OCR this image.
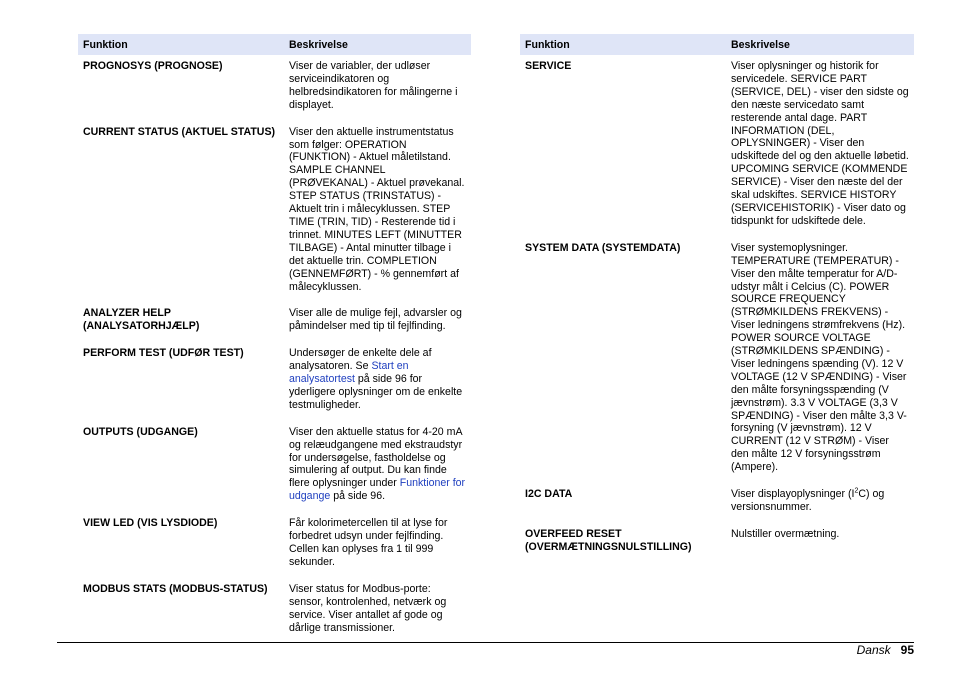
Funktion	Beskrivelse
PROGNOSYS (PROGNOSE)	Viser de variabler, der udløser serviceindikatoren og helbredsindikatoren for målingerne i displayet.
CURRENT STATUS (AKTUEL STATUS)	Viser den aktuelle instrumentstatus som følger: OPERATION (FUNKTION) - Aktuel måletilstand. SAMPLE CHANNEL (PRØVEKANAL) - Aktuel prøvekanal. STEP STATUS (TRINSTATUS) - Aktuelt trin i målecyklussen. STEP TIME (TRIN, TID) - Resterende tid i trinnet. MINUTES LEFT (MINUTTER TILBAGE) - Antal minutter tilbage i det aktuelle trin. COMPLETION (GENNEMFØRT) - % gennemført af målecyklussen.
ANALYZER HELP (ANALYSATORHJÆLP)	Viser alle de mulige fejl, advarsler og påmindelser med tip til fejlfinding.
PERFORM TEST (UDFØR TEST)	Undersøger de enkelte dele af analysatoren. Se Start en analysatortest på side 96 for yderligere oplysninger om de enkelte testmuligheder.
OUTPUTS (UDGANGE)	Viser den aktuelle status for 4-20 mA og relæudgangene med ekstraudstyr for undersøgelse, fastholdelse og simulering af output. Du kan finde flere oplysninger under Funktioner for udgange på side 96.
VIEW LED (VIS LYSDIODE)	Får kolorimetercellen til at lyse for forbedret udsyn under fejlfinding. Cellen kan oplyses fra 1 til 999 sekunder.
MODBUS STATS (MODBUS-STATUS)	Viser status for Modbus-porte: sensor, kontrolenhed, netværk og service. Viser antallet af gode og dårlige transmissioner.
Funktion	Beskrivelse
SERVICE	Viser oplysninger og historik for servicedele. SERVICE PART (SERVICE, DEL) - viser den sidste og den næste servicedato samt resterende antal dage. PART INFORMATION (DEL, OPLYSNINGER) - Viser den udskiftede del og den aktuelle løbetid. UPCOMING SERVICE (KOMMENDE SERVICE) - Viser den næste del der skal udskiftes. SERVICE HISTORY (SERVICEHISTORIK) - Viser dato og tidspunkt for udskiftede dele.
SYSTEM DATA (SYSTEMDATA)	Viser systemoplysninger. TEMPERATURE (TEMPERATUR) - Viser den målte temperatur for A/D-udstyr målt i Celcius (C). POWER SOURCE FREQUENCY (STRØMKILDENS FREKVENS) - Viser ledningens strømfrekvens (Hz). POWER SOURCE VOLTAGE (STRØMKILDENS SPÆNDING) - Viser ledningens spænding (V). 12 V VOLTAGE (12 V SPÆNDING) - Viser den målte forsyningsspænding (V jævnstrøm). 3.3 V VOLTAGE (3,3 V SPÆNDING) - Viser den målte 3,3 V-forsyning (V jævnstrøm). 12 V CURRENT (12 V STRØM) - Viser den målte 12 V forsyningsstrøm (Ampere).
I2C DATA	Viser displayoplysninger $(I^2C)$ og versionsnummer.
OVERFEED RESET (OVERMÆTNINGSNULSTILLING)	Nulstiller overmætning.
Dansk 95
